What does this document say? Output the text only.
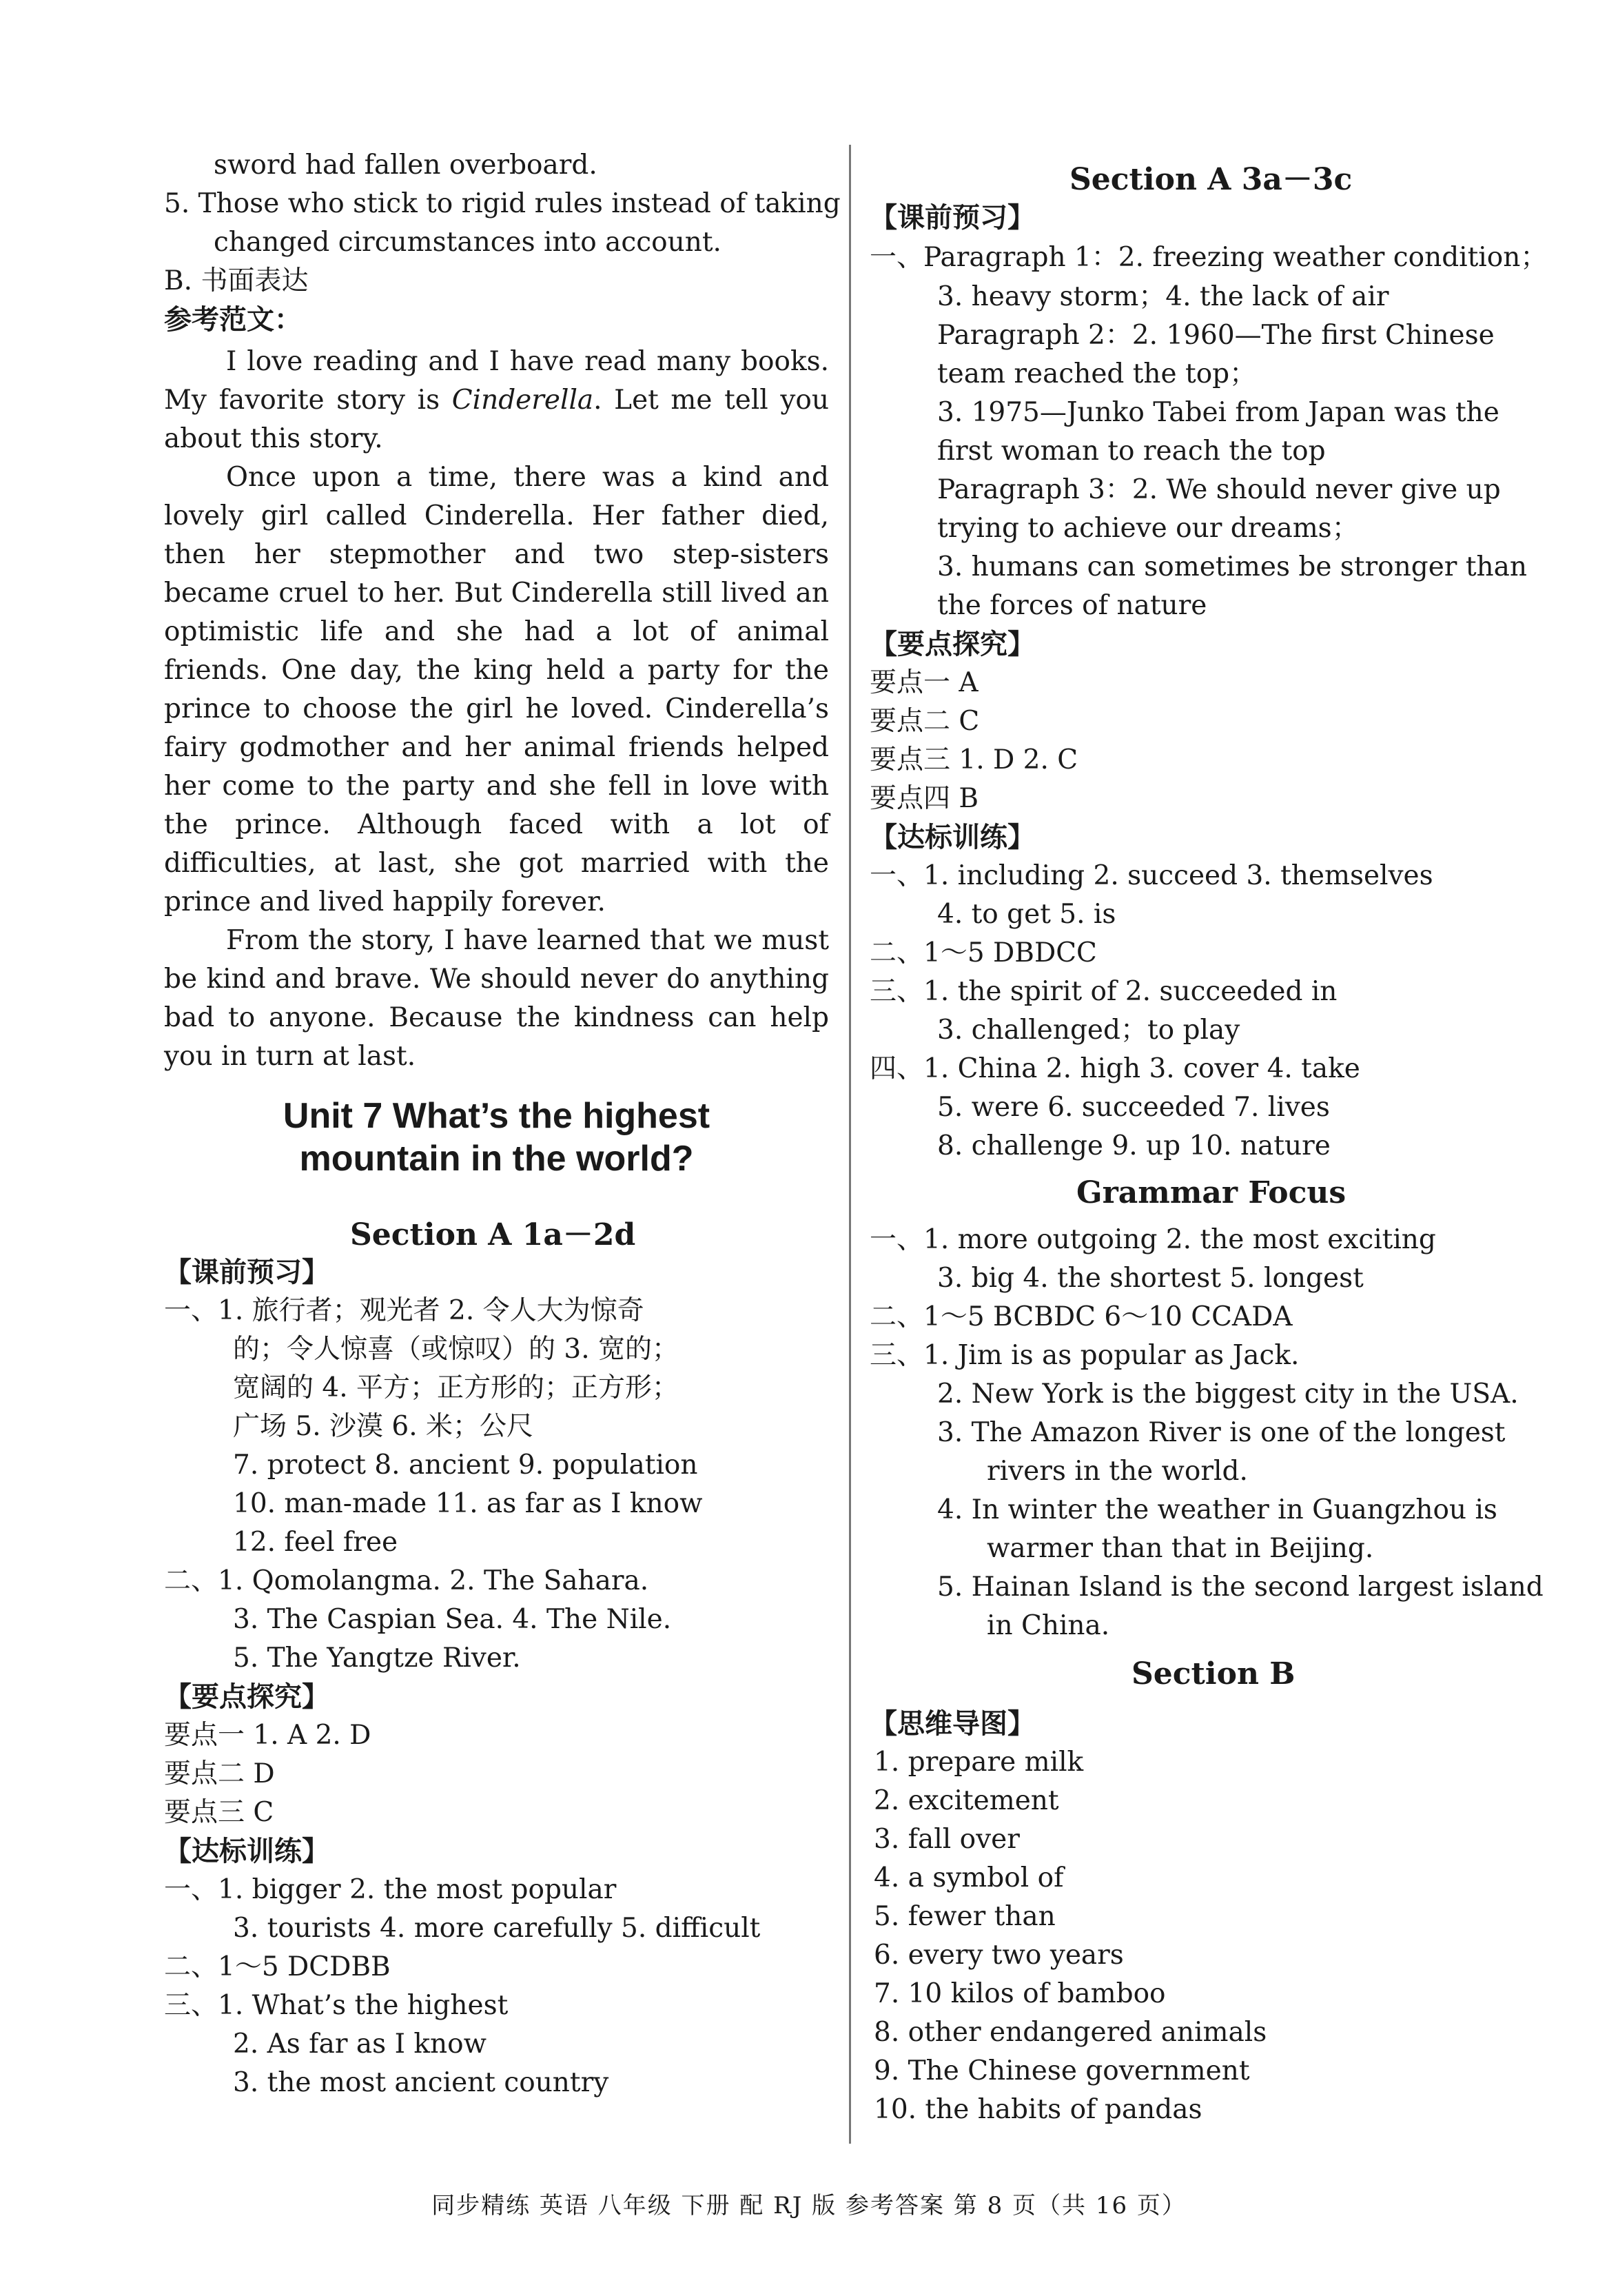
sword had fallen overboard.
5. Those who stick to rigid rules instead of taking
changed circumstances into account.
B. 书面表达
参考范文：
I love reading and I have read many books. My favorite story is Cinderella. Let me tell you about this story.
Once upon a time, there was a kind and lovely girl called Cinderella. Her father died, then her stepmother and two step-sisters became cruel to her. But Cinderella still lived an optimistic life and she had a lot of animal friends. One day, the king held a party for the prince to choose the girl he loved. Cinderella’s fairy godmother and her animal friends helped her come to the party and she fell in love with the prince. Although faced with a lot of difficulties, at last, she got married with the prince and lived happily forever.
From the story, I have learned that we must be kind and brave. We should never do anything bad to anyone. Because the kindness can help you in turn at last.
Unit 7 What’s the highest
mountain in the world?
Section A 1a－2d
【课前预习】
一、1. 旅行者；观光者 2. 令人大为惊奇
的；令人惊喜（或惊叹）的 3. 宽的；
宽阔的 4. 平方；正方形的；正方形；
广场 5. 沙漠 6. 米；公尺
7. protect 8. ancient 9. population
10. man-made 11. as far as I know
12. feel free
二、1. Qomolangma. 2. The Sahara.
3. The Caspian Sea. 4. The Nile.
5. The Yangtze River.
【要点探究】
要点一 1. A 2. D
要点二 D
要点三 C
【达标训练】
一、1. bigger 2. the most popular
3. tourists 4. more carefully 5. difficult
二、1～5 DCDBB
三、1. What’s the highest
2. As far as I know
3. the most ancient country
Section A 3a－3c
【课前预习】
一、Paragraph 1：2. freezing weather condition；
3. heavy storm；4. the lack of air
Paragraph 2：2. 1960—The first Chinese
team reached the top；
3. 1975—Junko Tabei from Japan was the
first woman to reach the top
Paragraph 3：2. We should never give up
trying to achieve our dreams；
3. humans can sometimes be stronger than
the forces of nature
【要点探究】
要点一 A
要点二 C
要点三 1. D 2. C
要点四 B
【达标训练】
一、1. including 2. succeed 3. themselves
4. to get 5. is
二、1～5 DBDCC
三、1. the spirit of 2. succeeded in
3. challenged；to play
四、1. China 2. high 3. cover 4. take
5. were 6. succeeded 7. lives
8. challenge 9. up 10. nature
Grammar Focus
一、1. more outgoing 2. the most exciting
3. big 4. the shortest 5. longest
二、1～5 BCBDC 6～10 CCADA
三、1. Jim is as popular as Jack.
2. New York is the biggest city in the USA.
3. The Amazon River is one of the longest
rivers in the world.
4. In winter the weather in Guangzhou is
warmer than that in Beijing.
5. Hainan Island is the second largest island
in China.
Section B
【思维导图】
1. prepare milk
2. excitement
3. fall over
4. a symbol of
5. fewer than
6. every two years
7. 10 kilos of bamboo
8. other endangered animals
9. The Chinese government
10. the habits of pandas
同步精练 英语 八年级 下册 配 RJ 版 参考答案 第 8 页（共 16 页）
